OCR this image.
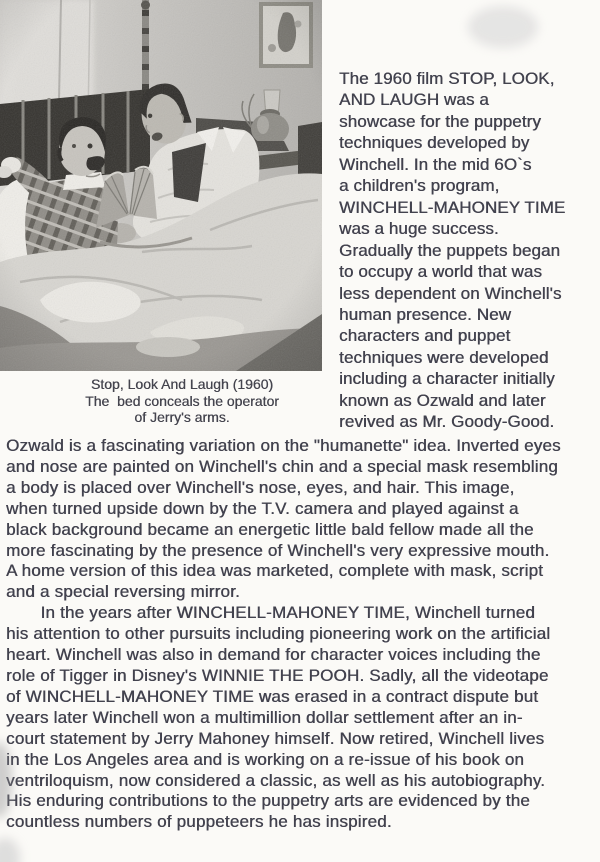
Stop, Look And Laugh (1960)
The  bed conceals the operator
of Jerry's arms.
The 1960 film STOP, LOOK,
AND LAUGH was a
showcase for the puppetry
techniques developed by
Winchell. In the mid 6O`s
a children's program,
WINCHELL-MAHONEY TIME
was a huge success.
Gradually the puppets began
to occupy a world that was
less dependent on Winchell's
human presence. New
characters and puppet
techniques were developed
including a character initially
known as Ozwald and later
revived as Mr. Goody-Good.
Ozwald is a fascinating variation on the "humanette" idea. Inverted eyes
and nose are painted on Winchell's chin and a special mask resembling
a body is placed over Winchell's nose, eyes, and hair. This image,
when turned upside down by the T.V. camera and played against a
black background became an energetic little bald fellow made all the
more fascinating by the presence of Winchell's very expressive mouth.
A home version of this idea was marketed, complete with mask, script
and a special reversing mirror.
In the years after WINCHELL-MAHONEY TIME, Winchell turned
his attention to other pursuits including pioneering work on the artificial
heart. Winchell was also in demand for character voices including the
role of Tigger in Disney's WINNIE THE POOH. Sadly, all the videotape
of WINCHELL-MAHONEY TIME was erased in a contract dispute but
years later Winchell won a multimillion dollar settlement after an in-
court statement by Jerry Mahoney himself. Now retired, Winchell lives
in the Los Angeles area and is working on a re-issue of his book on
ventriloquism, now considered a classic, as well as his autobiography.
His enduring contributions to the puppetry arts are evidenced by the
countless numbers of puppeteers he has inspired.
